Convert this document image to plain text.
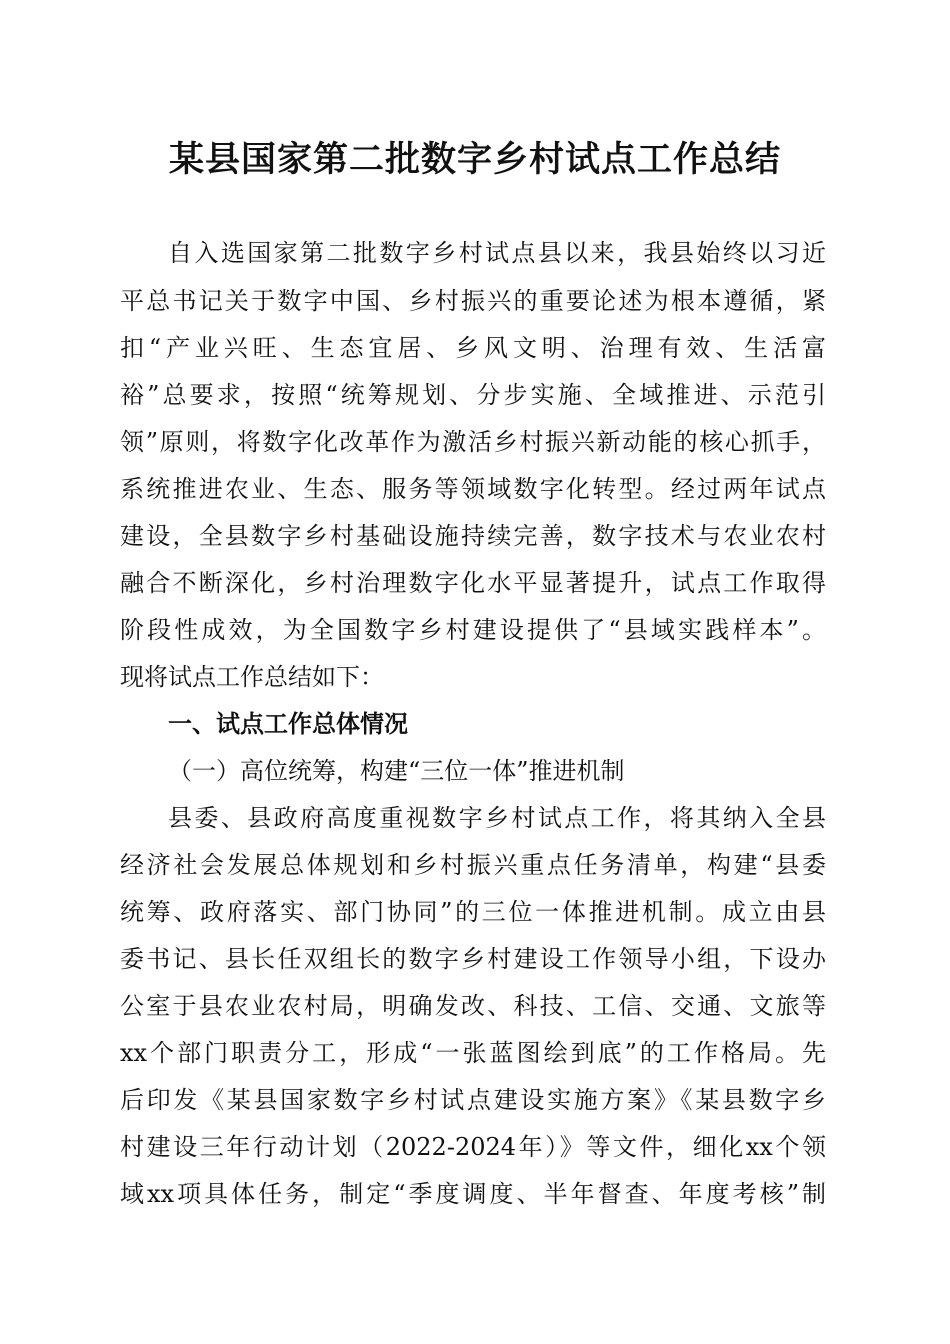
某县国家第二批数字乡村试点工作总结
自入选国家第二批数字乡村试点县以来，我县始终以习近
平总书记关于数字中国、乡村振兴的重要论述为根本遵循，紧
扣“产业兴旺、生态宜居、乡风文明、治理有效、生活富
裕”总要求，按照“统筹规划、分步实施、全域推进、示范引
领”原则，将数字化改革作为激活乡村振兴新动能的核心抓手，
系统推进农业、生态、服务等领域数字化转型。经过两年试点
建设，全县数字乡村基础设施持续完善，数字技术与农业农村
融合不断深化，乡村治理数字化水平显著提升，试点工作取得
阶段性成效，为全国数字乡村建设提供了“县域实践样本”。
现将试点工作总结如下：
一、试点工作总体情况
（一）高位统筹，构建“三位一体”推进机制
县委、县政府高度重视数字乡村试点工作，将其纳入全县
经济社会发展总体规划和乡村振兴重点任务清单，构建“县委
统筹、政府落实、部门协同”的三位一体推进机制。成立由县
委书记、县长任双组长的数字乡村建设工作领导小组，下设办
公室于县农业农村局，明确发改、科技、工信、交通、文旅等
xx个部门职责分工，形成“一张蓝图绘到底”的工作格局。先
后印发《某县国家数字乡村试点建设实施方案》《某县数字乡
村建设三年行动计划（2022-2024年）》等文件，细化xx个领
域xx项具体任务，制定“季度调度、半年督查、年度考核”制
